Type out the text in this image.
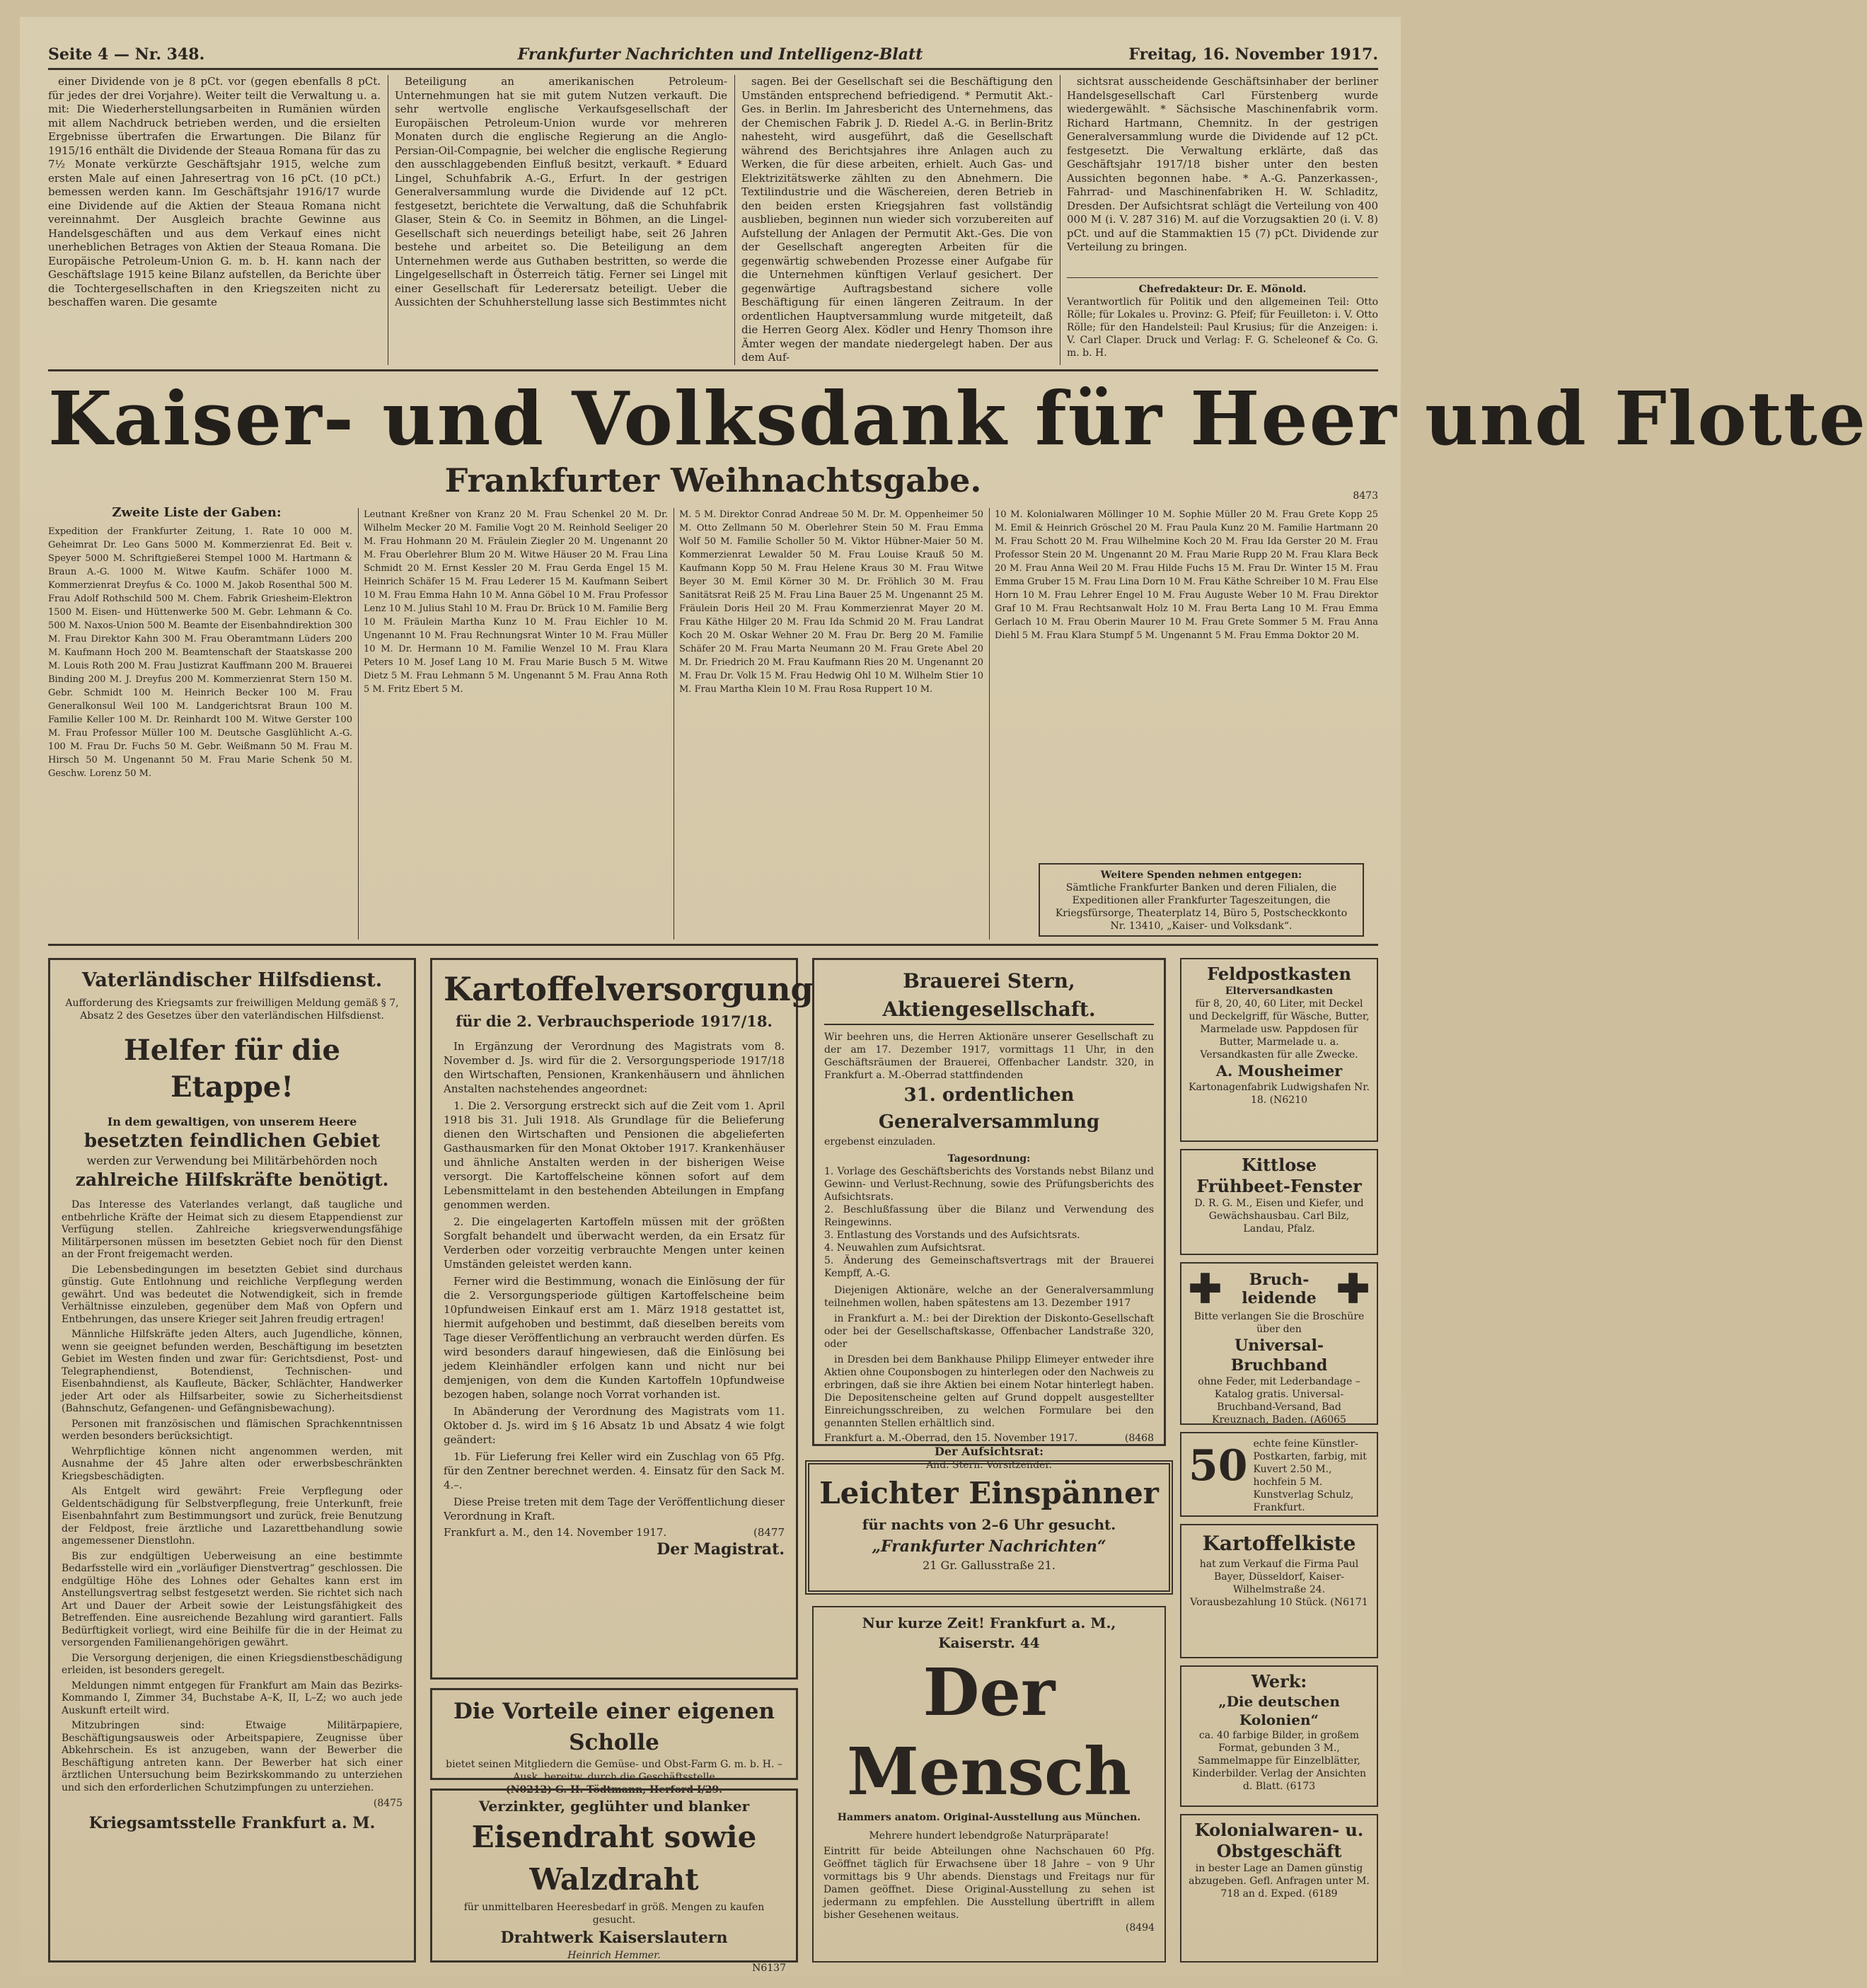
Seite 4 — Nr. 348.	Frankfurter Nachrichten und Intelligenz-Blatt	Freitag, 16. November 1917.

einer Dividende von je 8 pCt. vor (gegen ebenfalls 8 pCt. für jedes der drei Vorjahre). Weiter teilt die Verwaltung u. a. mit: Die Wiederherstellungsarbeiten in Rumänien würden mit allem Nachdruck betrieben werden, und die ersielten Ergebnisse übertrafen die Erwartungen. Die Bilanz für 1915/16 enthält die Dividende der Steaua Romana für das zu 7½ Monate verkürzte Geschäftsjahr 1915, welche zum ersten Male auf einen Jahresertrag von 16 pCt. (10 pCt.) bemessen werden kann. Im Geschäftsjahr 1916/17 wurde eine Dividende auf die Aktien der Steaua Romana nicht vereinnahmt. Der Ausgleich brachte Gewinne aus Handelsgeschäften und aus dem Verkauf eines nicht unerheblichen Betrages von Aktien der Steaua Romana. Die Europäische Petroleum-Union G. m. b. H. kann nach der Geschäftslage 1915 keine Bilanz aufstellen, da Berichte über die Tochtergesellschaften in den Kriegszeiten nicht zu beschaffen waren. Die gesamte

Beteiligung an amerikanischen Petroleum-Unternehmungen hat sie mit gutem Nutzen verkauft. Die sehr wertvolle englische Verkaufsgesellschaft der Europäischen Petroleum-Union wurde vor mehreren Monaten durch die englische Regierung an die Anglo-Persian-Oil-Compagnie, bei welcher die englische Regierung den ausschlaggebenden Einfluß besitzt, verkauft. * Eduard Lingel, Schuhfabrik A.-G., Erfurt. In der gestrigen Generalversammlung wurde die Dividende auf 12 pCt. festgesetzt, berichtete die Verwaltung, daß die Schuhfabrik Glaser, Stein & Co. in Seemitz in Böhmen, an die Lingel-Gesellschaft sich neuerdings beteiligt habe, seit 26 Jahren bestehe und arbeitet so. Die Beteiligung an dem Unternehmen werde aus Guthaben bestritten, so werde die Lingelgesellschaft in Österreich tätig. Ferner sei Lingel mit einer Gesellschaft für Lederersatz beteiligt. Ueber die Aussichten der Schuhherstellung lasse sich Bestimmtes nicht

sagen. Bei der Gesellschaft sei die Beschäftigung den Umständen entsprechend befriedigend. * Permutit Akt.-Ges. in Berlin. Im Jahresbericht des Unternehmens, das der Chemischen Fabrik J. D. Riedel A.-G. in Berlin-Britz nahesteht, wird ausgeführt, daß die Gesellschaft während des Berichtsjahres ihre Anlagen auch zu Werken, die für diese arbeiten, erhielt. Auch Gas- und Elektrizitätswerke zählten zu den Abnehmern. Die Textilindustrie und die Wäschereien, deren Betrieb in den beiden ersten Kriegsjahren fast vollständig ausblieben, beginnen nun wieder sich vorzubereiten auf Aufstellung der Anlagen der Permutit Akt.-Ges. Die von der Gesellschaft angeregten Arbeiten für die gegenwärtig schwebenden Prozesse einer Aufgabe für die Unternehmen künftigen Verlauf gesichert. Der gegenwärtige Auftragsbestand sichere volle Beschäftigung für einen längeren Zeitraum. In der ordentlichen Hauptversammlung wurde mitgeteilt, daß die Herren Georg Alex. Ködler und Henry Thomson ihre Ämter wegen der mandate niedergelegt haben. Der aus dem Auf-

sichtsrat ausscheidende Geschäftsinhaber der berliner Handelsgesellschaft Carl Fürstenberg wurde wiedergewählt. * Sächsische Maschinenfabrik vorm. Richard Hartmann, Chemnitz. In der gestrigen Generalversammlung wurde die Dividende auf 12 pCt. festgesetzt. Die Verwaltung erklärte, daß das Geschäftsjahr 1917/18 bisher unter den besten Aussichten begonnen habe. * A.-G. Panzerkassen-, Fahrrad- und Maschinenfabriken H. W. Schladitz, Dresden. Der Aufsichtsrat schlägt die Verteilung von 400 000 M (i. V. 287 316) M. auf die Vorzugsaktien 20 (i. V. 8) pCt. und auf die Stammaktien 15 (7) pCt. Dividende zur Verteilung zu bringen.

Chefredakteur: Dr. E. Mönold.
Verantwortlich für Politik und den allgemeinen Teil: Otto Rölle; für Lokales u. Provinz: G. Pfeif; für Feuilleton: i. V. Otto Rölle; für den Handelsteil: Paul Krusius; für die Anzeigen: i. V. Carl Claper. Druck und Verlag: F. G. Scheleonef & Co. G. m. b. H.
Kaiser- und Volksdank für Heer und Flotte
Frankfurter Weihnachtsgabe.	8473
Zweite Liste der Gaben:
Expedition der Frankfurter Zeitung, 1. Rate 10 000 M. Geheimrat Dr. Leo Gans 5000 M. Kommerzienrat Ed. Beit v. Speyer 5000 M. Schriftgießerei Stempel 1000 M. Hartmann & Braun A.-G. 1000 M. Witwe Kaufm. Schäfer 1000 M. Kommerzienrat Dreyfus & Co. 1000 M. Jakob Rosenthal 500 M. Frau Adolf Rothschild 500 M. Chem. Fabrik Griesheim-Elektron 1500 M. Eisen- und Hüttenwerke 500 M. Gebr. Lehmann & Co. 500 M. Naxos-Union 500 M. Beamte der Eisenbahndirektion 300 M. Frau Direktor Kahn 300 M. Frau Oberamtmann Lüders 200 M. Kaufmann Hoch 200 M. Beamtenschaft der Staatskasse 200 M. Louis Roth 200 M. Frau Justizrat Kauffmann 200 M. Brauerei Binding 200 M. J. Dreyfus 200 M. Kommerzienrat Stern 150 M. Gebr. Schmidt 100 M. Heinrich Becker 100 M. Frau Generalkonsul Weil 100 M. Landgerichtsrat Braun 100 M. Familie Keller 100 M. Dr. Reinhardt 100 M. Witwe Gerster 100 M. Frau Professor Müller 100 M. Deutsche Gasglühlicht A.-G. 100 M. Frau Dr. Fuchs 50 M. Gebr. Weißmann 50 M. Frau M. Hirsch 50 M. Ungenannt 50 M. Frau Marie Schenk 50 M. Geschw. Lorenz 50 M.
Leutnant Kreßner von Kranz 20 M. Frau Schenkel 20 M. Dr. Wilhelm Mecker 20 M. Familie Vogt 20 M. Reinhold Seeliger 20 M. Frau Hohmann 20 M. Fräulein Ziegler 20 M. Ungenannt 20 M. Frau Oberlehrer Blum 20 M. Witwe Häuser 20 M. Frau Lina Schmidt 20 M. Ernst Kessler 20 M. Frau Gerda Engel 15 M. Heinrich Schäfer 15 M. Frau Lederer 15 M. Kaufmann Seibert 10 M. Frau Emma Hahn 10 M. Anna Göbel 10 M. Frau Professor Lenz 10 M. Julius Stahl 10 M. Frau Dr. Brück 10 M. Familie Berg 10 M. Fräulein Martha Kunz 10 M. Frau Eichler 10 M. Ungenannt 10 M. Frau Rechnungsrat Winter 10 M. Frau Müller 10 M. Dr. Hermann 10 M. Familie Wenzel 10 M. Frau Klara Peters 10 M. Josef Lang 10 M. Frau Marie Busch 5 M. Witwe Dietz 5 M. Frau Lehmann 5 M. Ungenannt 5 M. Frau Anna Roth 5 M. Fritz Ebert 5 M.
M. 5 M. Direktor Conrad Andreae 50 M. Dr. M. Oppenheimer 50 M. Otto Zellmann 50 M. Oberlehrer Stein 50 M. Frau Emma Wolf 50 M. Familie Scholler 50 M. Viktor Hübner-Maier 50 M. Kommerzienrat Lewalder 50 M. Frau Louise Krauß 50 M. Kaufmann Kopp 50 M. Frau Helene Kraus 30 M. Frau Witwe Beyer 30 M. Emil Körner 30 M. Dr. Fröhlich 30 M. Frau Sanitätsrat Reiß 25 M. Frau Lina Bauer 25 M. Ungenannt 25 M. Fräulein Doris Heil 20 M. Frau Kommerzienrat Mayer 20 M. Frau Käthe Hilger 20 M. Frau Ida Schmid 20 M. Frau Landrat Koch 20 M. Oskar Wehner 20 M. Frau Dr. Berg 20 M. Familie Schäfer 20 M. Frau Marta Neumann 20 M. Frau Grete Abel 20 M. Dr. Friedrich 20 M. Frau Kaufmann Ries 20 M. Ungenannt 20 M. Frau Dr. Volk 15 M. Frau Hedwig Ohl 10 M. Wilhelm Stier 10 M. Frau Martha Klein 10 M. Frau Rosa Ruppert 10 M.
10 M. Kolonialwaren Möllinger 10 M. Sophie Müller 20 M. Frau Grete Kopp 25 M. Emil & Heinrich Gröschel 20 M. Frau Paula Kunz 20 M. Familie Hartmann 20 M. Frau Schott 20 M. Frau Wilhelmine Koch 20 M. Frau Ida Gerster 20 M. Frau Professor Stein 20 M. Ungenannt 20 M. Frau Marie Rupp 20 M. Frau Klara Beck 20 M. Frau Anna Weil 20 M. Frau Hilde Fuchs 15 M. Frau Dr. Winter 15 M. Frau Emma Gruber 15 M. Frau Lina Dorn 10 M. Frau Käthe Schreiber 10 M. Frau Else Horn 10 M. Frau Lehrer Engel 10 M. Frau Auguste Weber 10 M. Frau Direktor Graf 10 M. Frau Rechtsanwalt Holz 10 M. Frau Berta Lang 10 M. Frau Emma Gerlach 10 M. Frau Oberin Maurer 10 M. Frau Grete Sommer 5 M. Frau Anna Diehl 5 M. Frau Klara Stumpf 5 M. Ungenannt 5 M. Frau Emma Doktor 20 M.
Weitere Spenden nehmen entgegen:
Sämtliche Frankfurter Banken und deren Filialen, die Expeditionen aller Frankfurter Tageszeitungen, die Kriegsfürsorge, Theaterplatz 14, Büro 5, Postscheckkonto Nr. 13410, „Kaiser- und Volksdank“.
Vaterländischer Hilfsdienst.
Aufforderung des Kriegsamts zur freiwilligen Meldung gemäß § 7, Absatz 2 des Gesetzes über den vaterländischen Hilfsdienst.
Helfer für die Etappe!
In dem gewaltigen, von unserem Heere
besetzten feindlichen Gebiet
werden zur Verwendung bei Militärbehörden noch
zahlreiche Hilfskräfte benötigt.

Das Interesse des Vaterlandes verlangt, daß taugliche und entbehrliche Kräfte der Heimat sich zu diesem Etappendienst zur Verfügung stellen. Zahlreiche kriegsverwendungsfähige Militärpersonen müssen im besetzten Gebiet noch für den Dienst an der Front freigemacht werden.

Die Lebensbedingungen im besetzten Gebiet sind durchaus günstig. Gute Entlohnung und reichliche Verpflegung werden gewährt. Und was bedeutet die Notwendigkeit, sich in fremde Verhältnisse einzuleben, gegenüber dem Maß von Opfern und Entbehrungen, das unsere Krieger seit Jahren freudig ertragen!

Männliche Hilfskräfte jeden Alters, auch Jugendliche, können, wenn sie geeignet befunden werden, Beschäftigung im besetzten Gebiet im Westen finden und zwar für: Gerichtsdienst, Post- und Telegraphendienst, Botendienst, Technischen- und Eisenbahndienst, als Kaufleute, Bäcker, Schlächter, Handwerker jeder Art oder als Hilfsarbeiter, sowie zu Sicherheitsdienst (Bahnschutz, Gefangenen- und Gefängnisbewachung).

Personen mit französischen und flämischen Sprachkenntnissen werden besonders berücksichtigt.

Wehrpflichtige können nicht angenommen werden, mit Ausnahme der 45 Jahre alten oder erwerbsbeschränkten Kriegsbeschädigten.

Als Entgelt wird gewährt: Freie Verpflegung oder Geldentschädigung für Selbstverpflegung, freie Unterkunft, freie Eisenbahnfahrt zum Bestimmungsort und zurück, freie Benutzung der Feldpost, freie ärztliche und Lazarettbehandlung sowie angemessener Dienstlohn.

Bis zur endgültigen Ueberweisung an eine bestimmte Bedarfsstelle wird ein „vorläufiger Dienstvertrag“ geschlossen. Die endgültige Höhe des Lohnes oder Gehaltes kann erst im Anstellungsvertrag selbst festgesetzt werden. Sie richtet sich nach Art und Dauer der Arbeit sowie der Leistungsfähigkeit des Betreffenden. Eine ausreichende Bezahlung wird garantiert. Falls Bedürftigkeit vorliegt, wird eine Beihilfe für die in der Heimat zu versorgenden Familienangehörigen gewährt.

Die Versorgung derjenigen, die einen Kriegsdienstbeschädigung erleiden, ist besonders geregelt.

Meldungen nimmt entgegen für Frankfurt am Main das Bezirks-Kommando I, Zimmer 34, Buchstabe A–K, II, L–Z; wo auch jede Auskunft erteilt wird.

Mitzubringen sind: Etwaige Militärpapiere, Beschäftigungsausweis oder Arbeitspapiere, Zeugnisse über Abkehrschein. Es ist anzugeben, wann der Bewerber die Beschäftigung antreten kann. Der Bewerber hat sich einer ärztlichen Untersuchung beim Bezirkskommando zu unterziehen und sich den erforderlichen Schutzimpfungen zu unterziehen.

(8475
Kriegsamtsstelle Frankfurt a. M.
Kartoffelversorgung
für die 2. Verbrauchsperiode 1917/18.

In Ergänzung der Verordnung des Magistrats vom 8. November d. Js. wird für die 2. Versorgungsperiode 1917/18 den Wirtschaften, Pensionen, Krankenhäusern und ähnlichen Anstalten nachstehendes angeordnet:

1. Die 2. Versorgung erstreckt sich auf die Zeit vom 1. April 1918 bis 31. Juli 1918. Als Grundlage für die Belieferung dienen den Wirtschaften und Pensionen die abgelieferten Gasthausmarken für den Monat Oktober 1917. Krankenhäuser und ähnliche Anstalten werden in der bisherigen Weise versorgt. Die Kartoffelscheine können sofort auf dem Lebensmittelamt in den bestehenden Abteilungen in Empfang genommen werden.

2. Die eingelagerten Kartoffeln müssen mit der größten Sorgfalt behandelt und überwacht werden, da ein Ersatz für Verderben oder vorzeitig verbrauchte Mengen unter keinen Umständen geleistet werden kann.

Ferner wird die Bestimmung, wonach die Einlösung der für die 2. Versorgungsperiode gültigen Kartoffelscheine beim 10pfundweisen Einkauf erst am 1. März 1918 gestattet ist, hiermit aufgehoben und bestimmt, daß dieselben bereits vom Tage dieser Veröffentlichung an verbraucht werden dürfen. Es wird besonders darauf hingewiesen, daß die Einlösung bei jedem Kleinhändler erfolgen kann und nicht nur bei demjenigen, von dem die Kunden Kartoffeln 10pfundweise bezogen haben, solange noch Vorrat vorhanden ist.

In Abänderung der Verordnung des Magistrats vom 11. Oktober d. Js. wird im § 16 Absatz 1b und Absatz 4 wie folgt geändert:

1b. Für Lieferung frei Keller wird ein Zuschlag von 65 Pfg. für den Zentner berechnet werden. 4. Einsatz für den Sack M. 4.–.

Diese Preise treten mit dem Tage der Veröffentlichung dieser Verordnung in Kraft.

Frankfurt a. M., den 14. November 1917.	(8477
Der Magistrat.
Die Vorteile einer eigenen Scholle
bietet seinen Mitgliedern die Gemüse- und Obst-Farm G. m. b. H. – Ausk. bereitw. durch die Geschäftsstelle
(N0212) G. H. Tödtmann, Herford I/29.
Verzinkter, geglühter und blanker
Eisendraht sowie Walzdraht
für unmittelbaren Heeresbedarf in größ. Mengen zu kaufen gesucht.
Drahtwerk Kaiserslautern
Heinrich Hemmer.
N6137
Brauerei Stern, Aktiengesellschaft.
Wir beehren uns, die Herren Aktionäre unserer Gesellschaft zu der am 17. Dezember 1917, vormittags 11 Uhr, in den Geschäftsräumen der Brauerei, Offenbacher Landstr. 320, in Frankfurt a. M.-Oberrad stattfindenden
31. ordentlichen Generalversammlung
ergebenst einzuladen.
Tagesordnung:
1. Vorlage des Geschäftsberichts des Vorstands nebst Bilanz und Gewinn- und Verlust-Rechnung, sowie des Prüfungsberichts des Aufsichtsrats.
2. Beschlußfassung über die Bilanz und Verwendung des Reingewinns.
3. Entlastung des Vorstands und des Aufsichtsrats.
4. Neuwahlen zum Aufsichtsrat.
5. Änderung des Gemeinschaftsvertrags mit der Brauerei Kempff, A.-G.

Diejenigen Aktionäre, welche an der Generalversammlung teilnehmen wollen, haben spätestens am 13. Dezember 1917

in Frankfurt a. M.: bei der Direktion der Diskonto-Gesellschaft oder bei der Gesellschaftskasse, Offenbacher Landstraße 320, oder

in Dresden bei dem Bankhause Philipp Elimeyer entweder ihre Aktien ohne Couponsbogen zu hinterlegen oder den Nachweis zu erbringen, daß sie ihre Aktien bei einem Notar hinterlegt haben. Die Depositenscheine gelten auf Grund doppelt ausgestellter Einreichungsschreiben, zu welchen Formulare bei den genannten Stellen erhältlich sind.

Frankfurt a. M.-Oberrad, den 15. November 1917.	(8468
Der Aufsichtsrat:
And. Stern. Vorsitzender.
Leichter Einspänner
für nachts von 2–6 Uhr gesucht.
„Frankfurter Nachrichten“
21 Gr. Gallusstraße 21.
Nur kurze Zeit! Frankfurt a. M., Kaiserstr. 44
Der Mensch
Hammers anatom. Original-Ausstellung aus München.
Mehrere hundert lebendgroße Naturpräparate!
Eintritt für beide Abteilungen ohne Nachschauen 60 Pfg. Geöffnet täglich für Erwachsene über 18 Jahre – von 9 Uhr vormittags bis 9 Uhr abends. Dienstags und Freitags nur für Damen geöffnet. Diese Original-Ausstellung zu sehen ist jedermann zu empfehlen. Die Ausstellung übertrifft in allem bisher Gesehenen weitaus.
(8494
Feldpostkasten
Elterversandkasten
für 8, 20, 40, 60 Liter, mit Deckel und Deckelgriff, für Wäsche, Butter, Marmelade usw. Pappdosen für Butter, Marmelade u. a. Versandkasten für alle Zwecke.
A. Mousheimer
Kartonagenfabrik Ludwigshafen Nr. 18. (N6210
Kittlose
Frühbeet-Fenster
D. R. G. M., Eisen und Kiefer, und Gewächshausbau. Carl Bilz, Landau, Pfalz.
✚	Bruch-leidende ✚
Bitte verlangen Sie die Broschüre über den
Universal-Bruchband
ohne Feder, mit Lederbandage – Katalog gratis. Universal-Bruchband-Versand, Bad Kreuznach, Baden. (A6065
50 echte feine Künstler-Postkarten, farbig, mit Kuvert 2.50 M., hochfein 5 M. Kunstverlag Schulz, Frankfurt.
Kartoffelkiste
hat zum Verkauf die Firma Paul Bayer, Düsseldorf, Kaiser-Wilhelmstraße 24. Vorausbezahlung 10 Stück. (N6171
Werk:
„Die deutschen Kolonien“
ca. 40 farbige Bilder, in großem Format, gebunden 3 M., Sammelmappe für Einzelblätter, Kinderbilder. Verlag der Ansichten d. Blatt. (6173
Kolonialwaren- u. Obstgeschäft
in bester Lage an Damen günstig abzugeben. Gefl. Anfragen unter M. 718 an d. Exped. (6189
